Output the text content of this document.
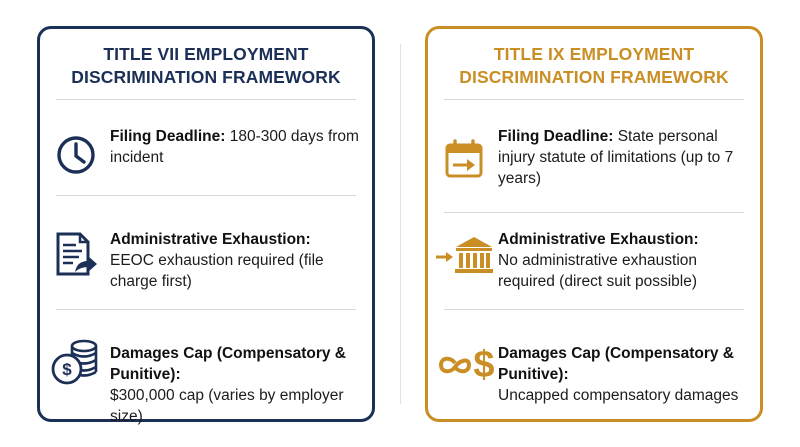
TITLE VII EMPLOYMENT
DISCRIMINATION FRAMEWORK
Filing Deadline: 180-300 days from incident
Administrative Exhaustion:
EEOC exhaustion required (file charge first)
$
Damages Cap (Compensatory & Punitive):
$300,000 cap (varies by employer size)
TITLE IX EMPLOYMENT
DISCRIMINATION FRAMEWORK
Filing Deadline: State personal injury statute of limitations (up to 7 years)
Administrative Exhaustion:
No administrative exhaustion required (direct suit possible)
$ Damages Cap (Compensatory & Punitive):
Uncapped compensatory damages
